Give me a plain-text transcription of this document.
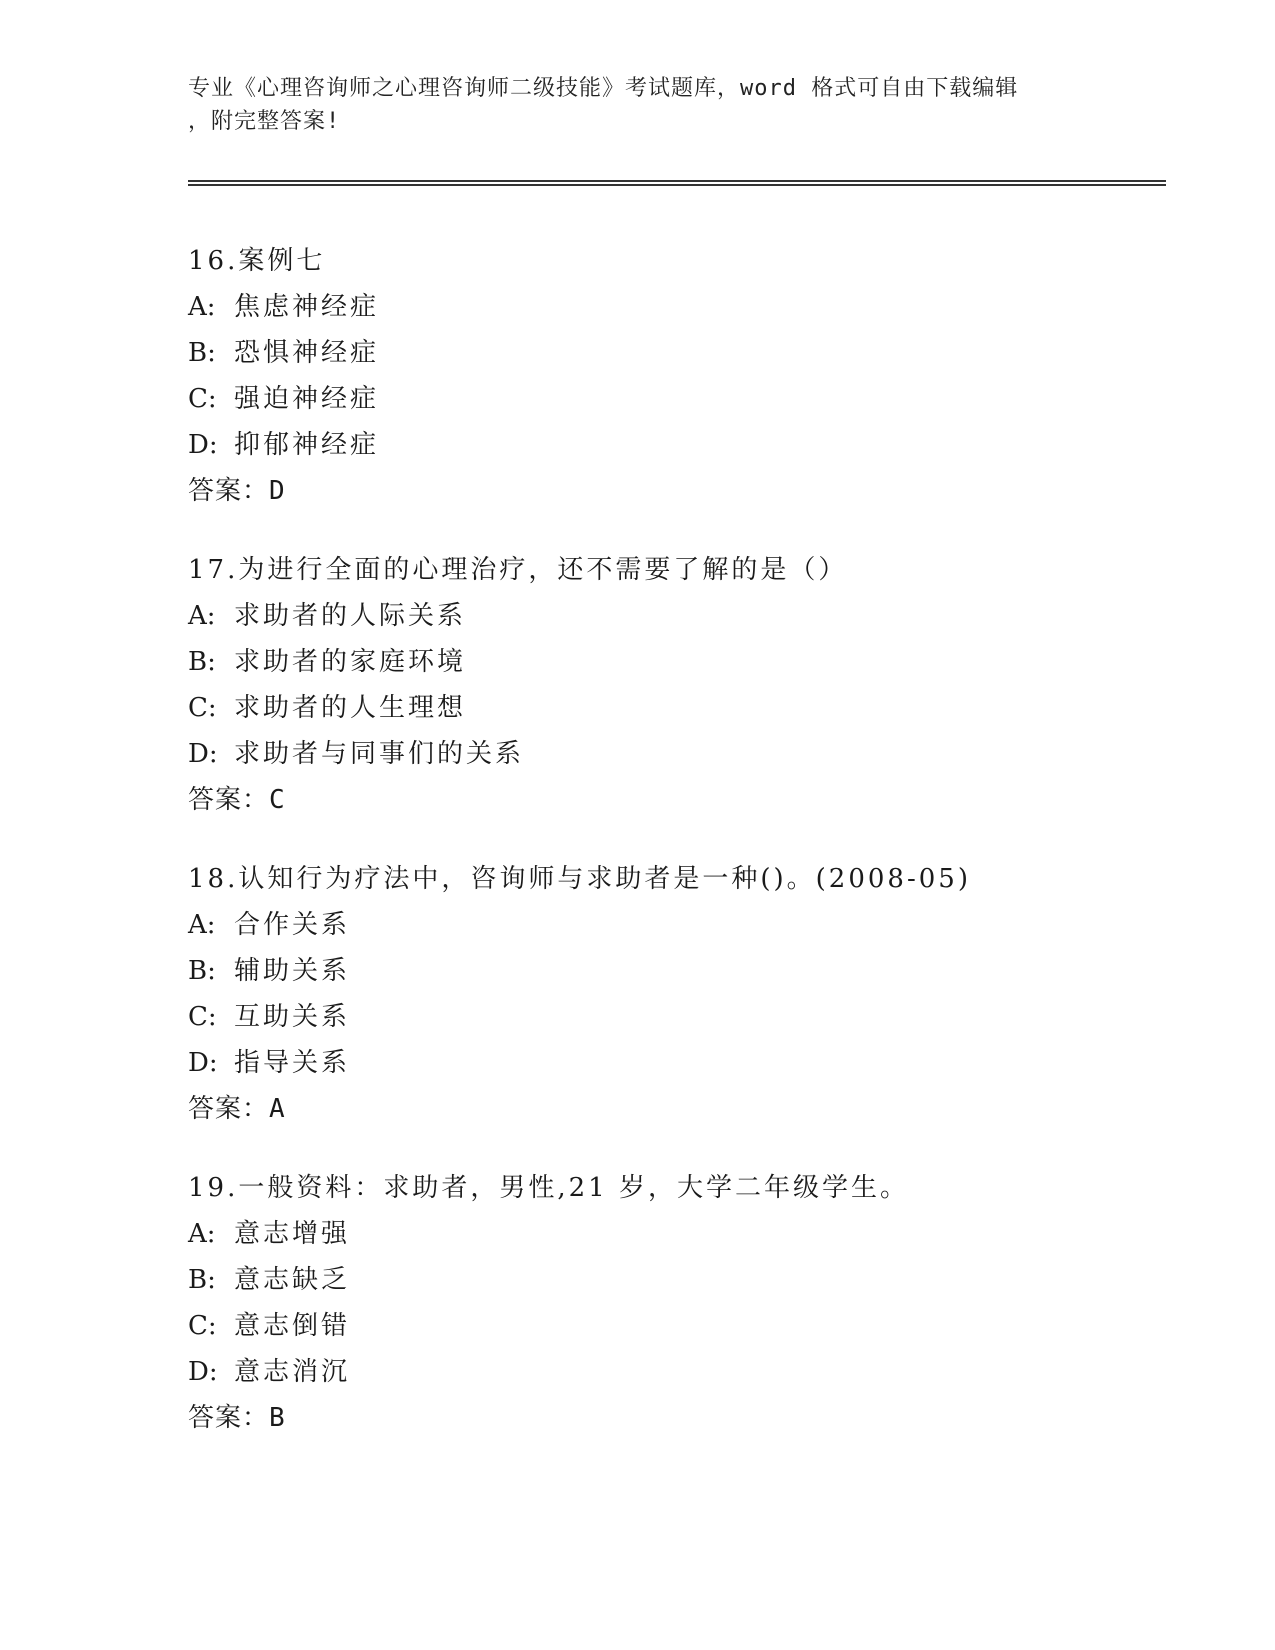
专业《心理咨询师之心理咨询师二级技能》考试题库，word 格式可自由下载编辑
，附完整答案!
16.案例七
A: 焦虑神经症
B: 恐惧神经症
C: 强迫神经症
D: 抑郁神经症
答案：D
17.为进行全面的心理治疗，还不需要了解的是（）
A: 求助者的人际关系
B: 求助者的家庭环境
C: 求助者的人生理想
D: 求助者与同事们的关系
答案：C
18.认知行为疗法中，咨询师与求助者是一种()。(2008-05)
A: 合作关系
B: 辅助关系
C: 互助关系
D: 指导关系
答案：A
19.一般资料：求助者，男性,21 岁，大学二年级学生。
A: 意志增强
B: 意志缺乏
C: 意志倒错
D: 意志消沉
答案：B
